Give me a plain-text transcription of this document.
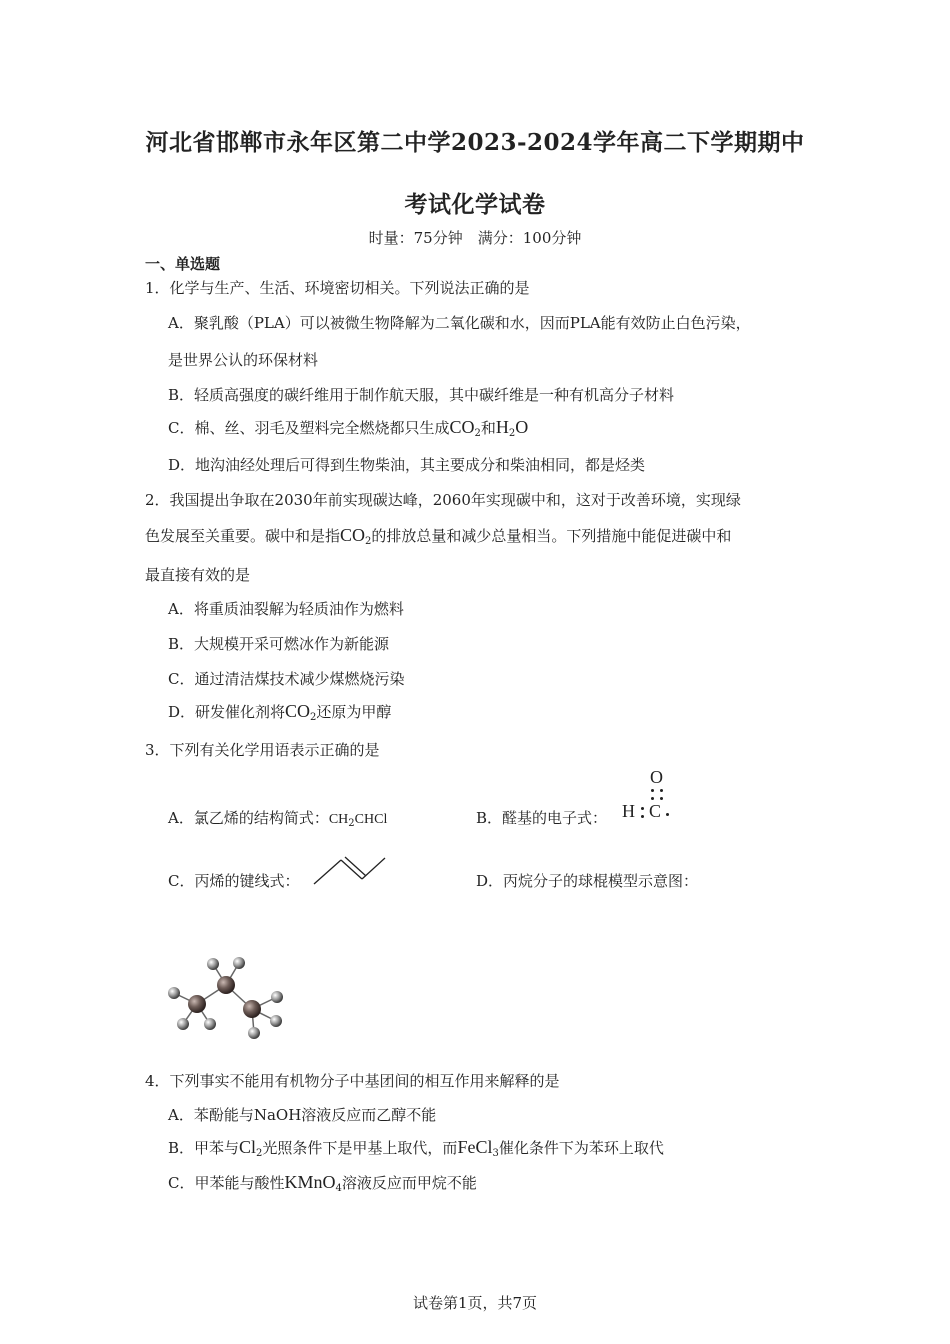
河北省邯郸市永年区第二中学2023-2024学年高二下学期期中
考试化学试卷
时量：75分钟　满分：100分钟
一、单选题
1．化学与生产、生活、环境密切相关。下列说法正确的是
A．聚乳酸（PLA）可以被微生物降解为二氧化碳和水，因而PLA能有效防止白色污染，
是世界公认的环保材料
B．轻质高强度的碳纤维用于制作航天服，其中碳纤维是一种有机高分子材料
C．棉、丝、羽毛及塑料完全燃烧都只生成$CO_2$和$H_2O$
D．地沟油经处理后可得到生物柴油，其主要成分和柴油相同，都是烃类
2．我国提出争取在2030年前实现碳达峰，2060年实现碳中和，这对于改善环境，实现绿
色发展至关重要。碳中和是指$CO_2$的排放总量和减少总量相当。下列措施中能促进碳中和
最直接有效的是
A．将重质油裂解为轻质油作为燃料
B．大规模开采可燃冰作为新能源
C．通过清洁煤技术减少煤燃烧污染
D．研发催化剂将$CO_2$还原为甲醇
3．下列有关化学用语表示正确的是
A．氯乙烯的结构简式：$CH_2CHCl$	B．醛基的电子式：
O
H C
C．丙烯的键线式：	D．丙烷分子的球棍模型示意图：
4．下列事实不能用有机物分子中基团间的相互作用来解释的是
A．苯酚能与NaOH溶液反应而乙醇不能
B．甲苯与$Cl_2$光照条件下是甲基上取代，而FeCl$_3$催化条件下为苯环上取代
C．甲苯能与酸性KMnO$_4$溶液反应而甲烷不能
试卷第1页，共7页
